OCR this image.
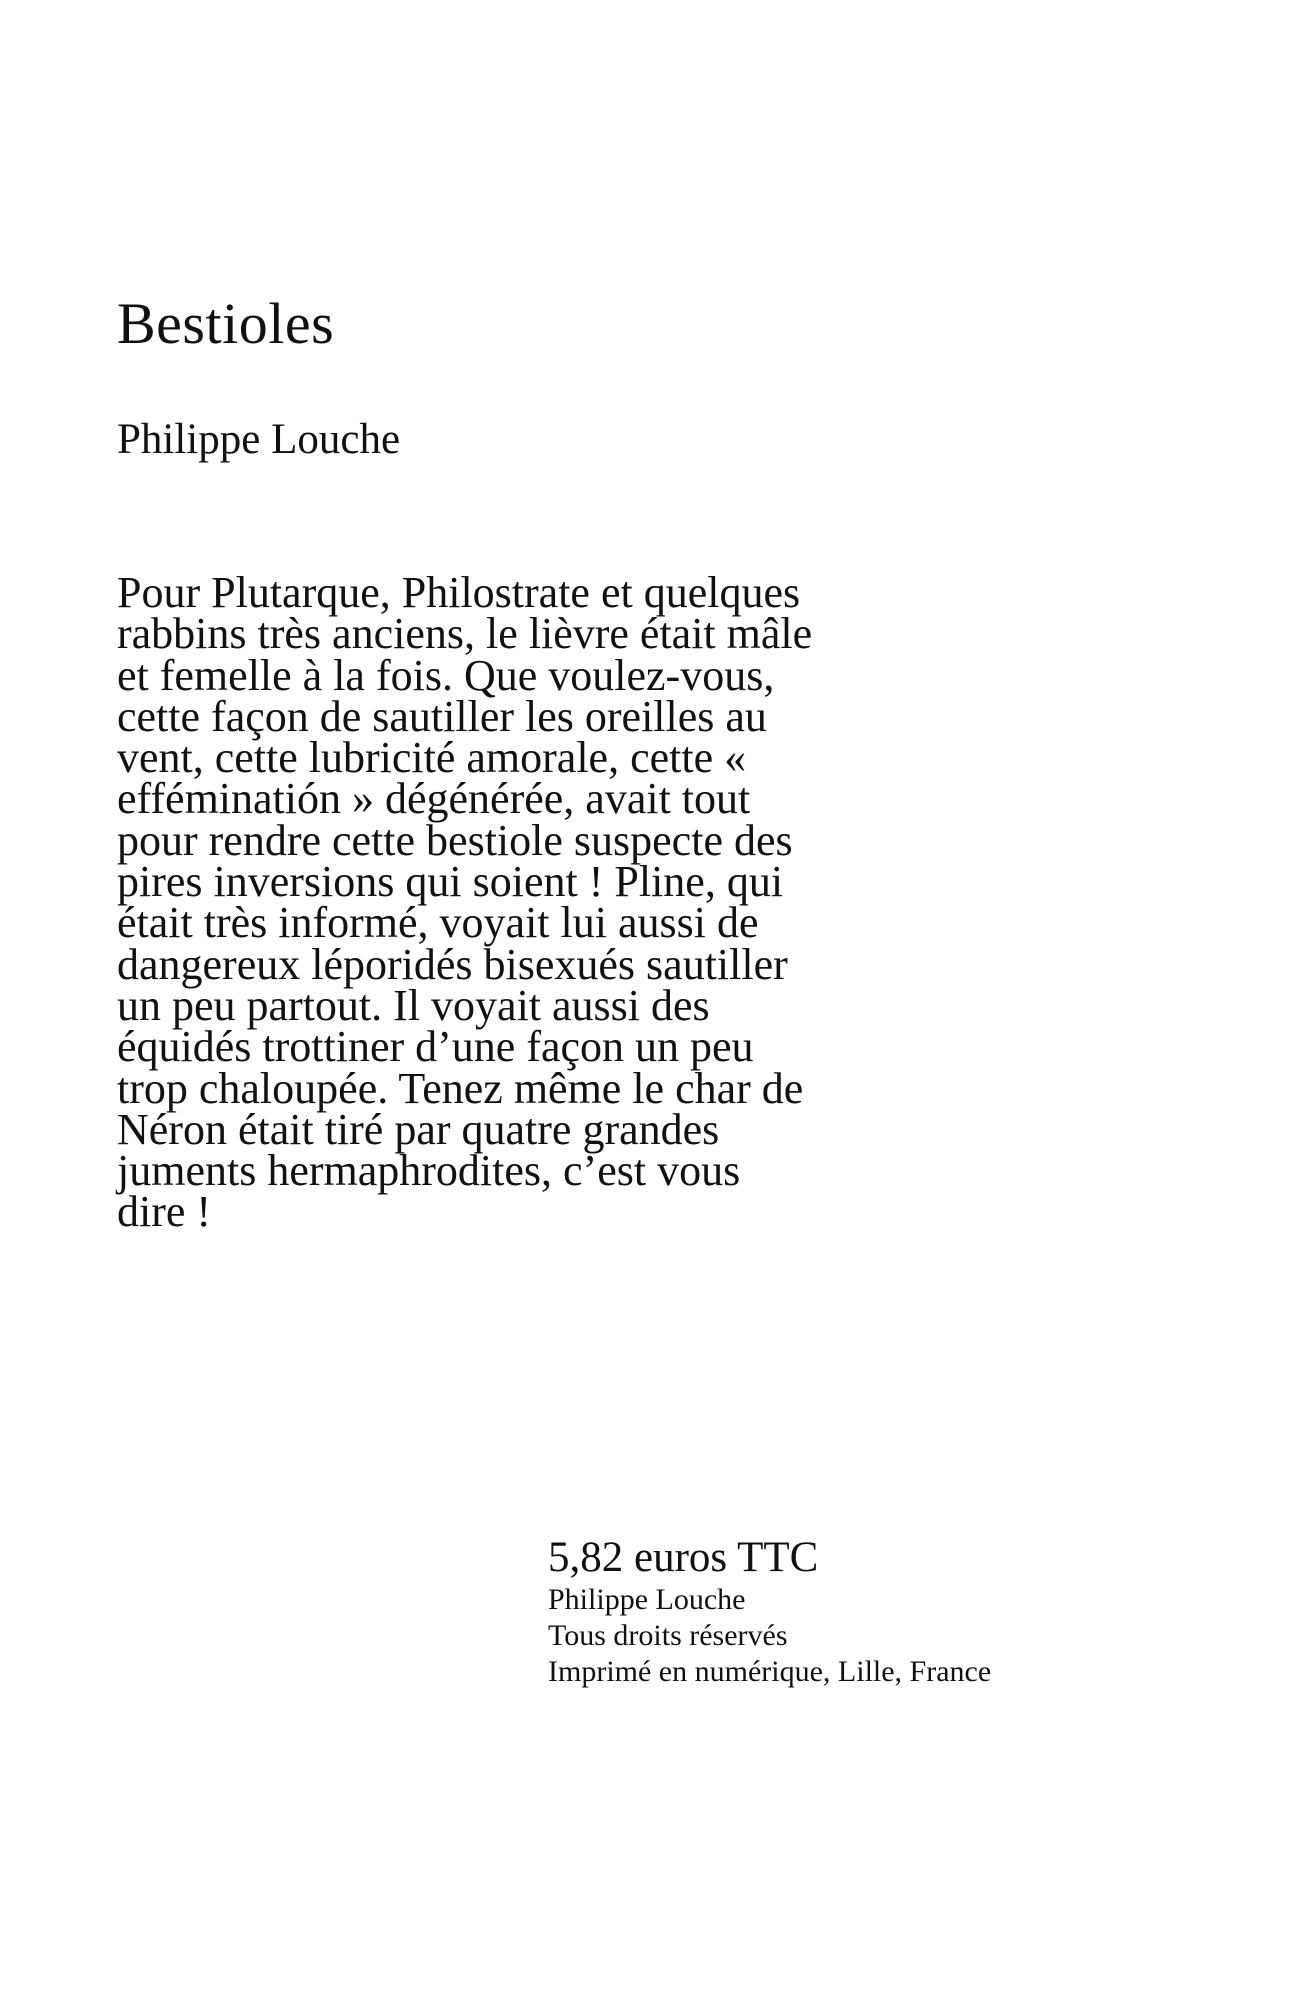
Bestioles
Philippe Louche
Pour Plutarque, Philostrate et quelques
rabbins très anciens, le lièvre était mâle
et femelle à la fois. Que voulez-vous,
cette façon de sautiller les oreilles au
vent, cette lubricité amorale, cette «
efféminatión » dégénérée, avait tout
pour rendre cette bestiole suspecte des
pires inversions qui soient ! Pline, qui
était très informé, voyait lui aussi de
dangereux léporidés bisexués sautiller
un peu partout. Il voyait aussi des
équidés trottiner d’une façon un peu
trop chaloupée. Tenez même le char de
Néron était tiré par quatre grandes
juments hermaphrodites, c’est vous
dire !
5,82 euros TTC
Philippe Louche
Tous droits réservés
Imprimé en numérique, Lille, France
